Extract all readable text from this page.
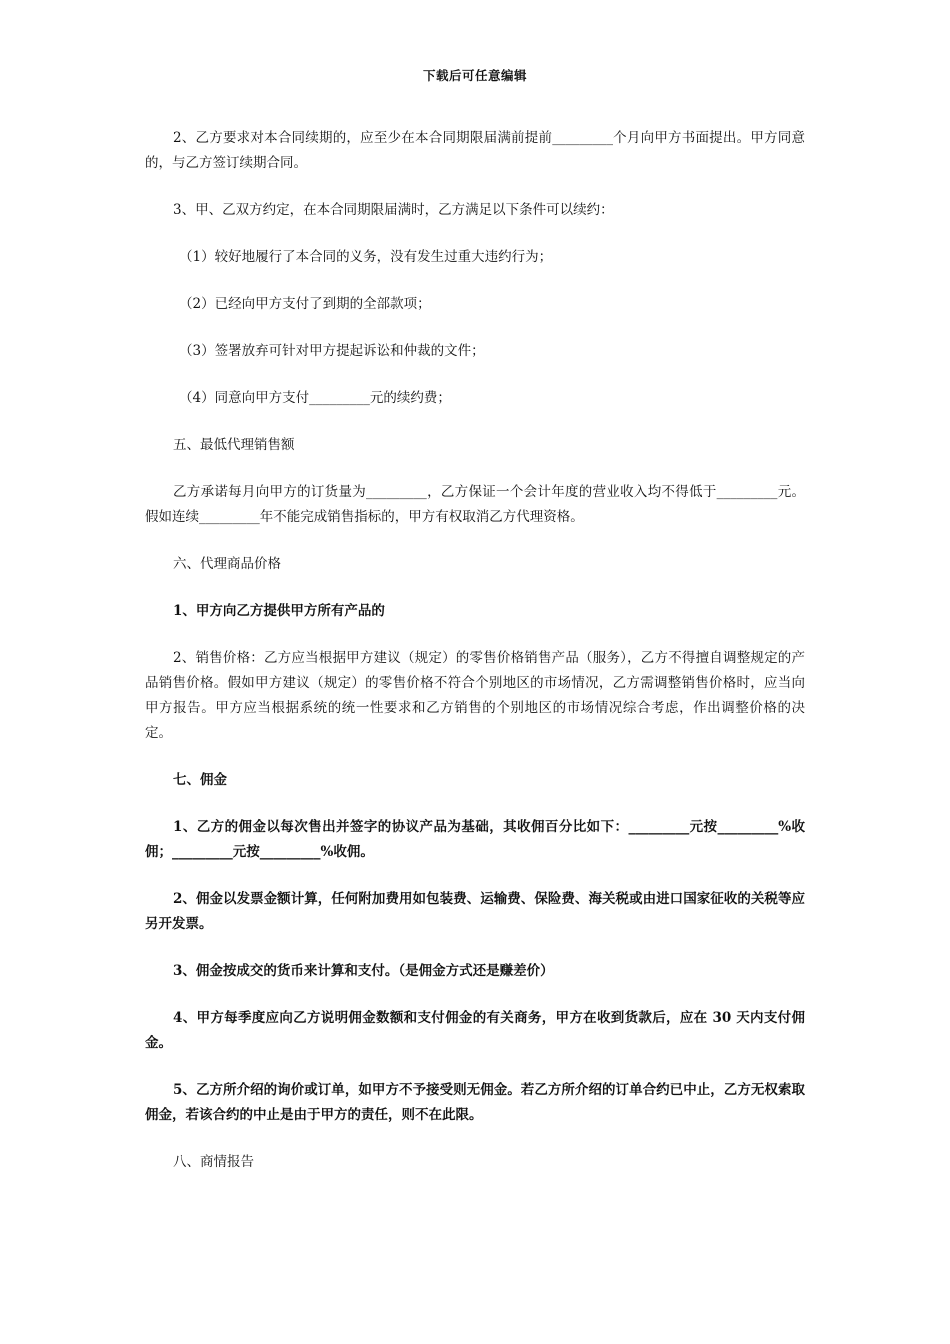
下载后可任意编辑

2、乙方要求对本合同续期的，应至少在本合同期限届满前提前_________个月向甲方书面提出。甲方同意的，与乙方签订续期合同。

3、甲、乙双方约定，在本合同期限届满时，乙方满足以下条件可以续约：

（1）较好地履行了本合同的义务，没有发生过重大违约行为；

（2）已经向甲方支付了到期的全部款项；

（3）签署放弃可针对甲方提起诉讼和仲裁的文件；

（4）同意向甲方支付_________元的续约费；

五、最低代理销售额

乙方承诺每月向甲方的订货量为_________，乙方保证一个会计年度的营业收入均不得低于_________元。假如连续_________年不能完成销售指标的，甲方有权取消乙方代理资格。

六、代理商品价格

1、甲方向乙方提供甲方所有产品的

2、销售价格：乙方应当根据甲方建议（规定）的零售价格销售产品（服务），乙方不得擅自调整规定的产品销售价格。假如甲方建议（规定）的零售价格不符合个别地区的市场情况，乙方需调整销售价格时，应当向甲方报告。甲方应当根据系统的统一性要求和乙方销售的个别地区的市场情况综合考虑，作出调整价格的决定。

七、佣金

1、乙方的佣金以每次售出并签字的协议产品为基础，其收佣百分比如下：_________元按_________%收佣；_________元按_________%收佣。

2、佣金以发票金额计算，任何附加费用如包装费、运输费、保险费、海关税或由进口国家征收的关税等应另开发票。

3、佣金按成交的货币来计算和支付。（是佣金方式还是赚差价）

4、甲方每季度应向乙方说明佣金数额和支付佣金的有关商务，甲方在收到货款后，应在 30 天内支付佣金。

5、乙方所介绍的询价或订单，如甲方不予接受则无佣金。若乙方所介绍的订单合约已中止，乙方无权索取佣金，若该合约的中止是由于甲方的责任，则不在此限。

八、商情报告
